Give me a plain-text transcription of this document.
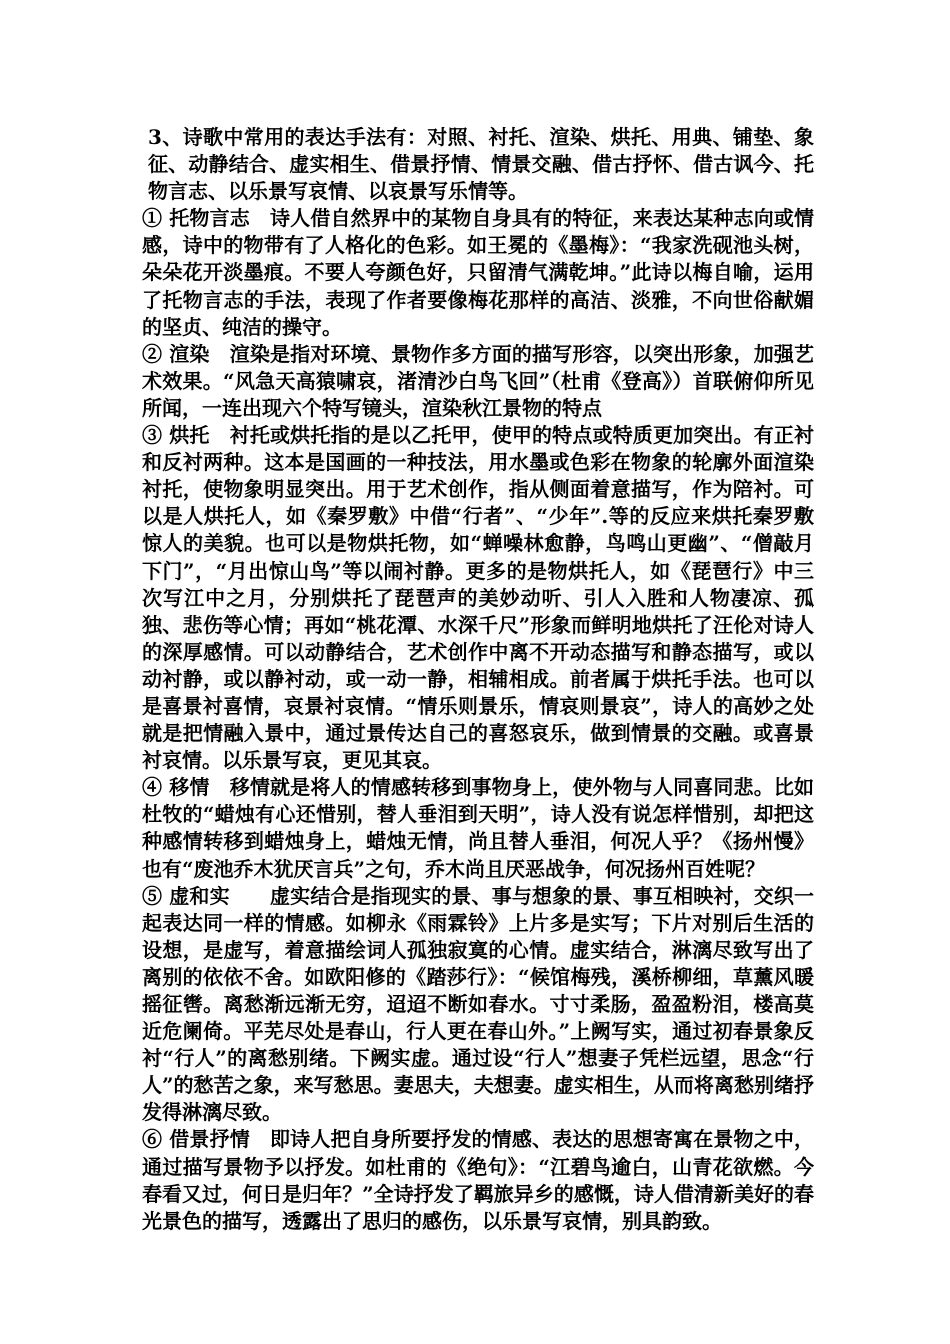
3、诗歌中常用的表达手法有：对照、衬托、渲染、烘托、用典、铺垫、象征、动静结合、虚实相生、借景抒情、情景交融、借古抒怀、借古讽今、托物言志、以乐景写哀情、以哀景写乐情等。

① 托物言志　诗人借自然界中的某物自身具有的特征，来表达某种志向或情感，诗中的物带有了人格化的色彩。如王冕的《墨梅》：“我家洗砚池头树，朵朵花开淡墨痕。不要人夸颜色好，只留清气满乾坤。”此诗以梅自喻，运用了托物言志的手法，表现了作者要像梅花那样的高洁、淡雅，不向世俗献媚的坚贞、纯洁的操守。

② 渲染　渲染是指对环境、景物作多方面的描写形容，以突出形象，加强艺术效果。“风急天高猿啸哀，渚清沙白鸟飞回”（杜甫《登高》）首联俯仰所见所闻，一连出现六个特写镜头，渲染秋江景物的特点

③ 烘托　衬托或烘托指的是以乙托甲，使甲的特点或特质更加突出。有正衬和反衬两种。这本是国画的一种技法，用水墨或色彩在物象的轮廓外面渲染衬托，使物象明显突出。用于艺术创作，指从侧面着意描写，作为陪衬。可以是人烘托人，如《秦罗敷》中借“行者”、“少年”.等的反应来烘托秦罗敷惊人的美貌。也可以是物烘托物，如“蝉噪林愈静，鸟鸣山更幽”、“僧敲月下门”，“月出惊山鸟”等以闹衬静。更多的是物烘托人，如《琵琶行》中三次写江中之月，分别烘托了琵琶声的美妙动听、引人入胜和人物凄凉、孤独、悲伤等心情；再如“桃花潭、水深千尺”形象而鲜明地烘托了汪伦对诗人的深厚感情。可以动静结合，艺术创作中离不开动态描写和静态描写，或以动衬静，或以静衬动，或一动一静，相辅相成。前者属于烘托手法。也可以是喜景衬喜情，哀景衬哀情。“情乐则景乐，情哀则景哀”，诗人的高妙之处就是把情融入景中，通过景传达自己的喜怒哀乐，做到情景的交融。或喜景衬哀情。以乐景写哀，更见其哀。

④ 移情　移情就是将人的情感转移到事物身上，使外物与人同喜同悲。比如杜牧的“蜡烛有心还惜别，替人垂泪到天明”，诗人没有说怎样惜别，却把这种感情转移到蜡烛身上，蜡烛无情，尚且替人垂泪，何况人乎？《扬州慢》也有“废池乔木犹厌言兵”之句，乔木尚且厌恶战争，何况扬州百姓呢？

⑤ 虚和实　　虚实结合是指现实的景、事与想象的景、事互相映衬，交织一起表达同一样的情感。如柳永《雨霖铃》上片多是实写；下片对别后生活的设想，是虚写，着意描绘词人孤独寂寞的心情。虚实结合，淋漓尽致写出了离别的依依不舍。如欧阳修的《踏莎行》：“候馆梅残，溪桥柳细，草薰风暖摇征辔。离愁渐远渐无穷，迢迢不断如春水。寸寸柔肠，盈盈粉泪，楼高莫近危阑倚。平芜尽处是春山，行人更在春山外。”上阙写实，通过初春景象反衬“行人”的离愁别绪。下阙实虚。通过设“行人”想妻子凭栏远望，思念“行人”的愁苦之象，来写愁思。妻思夫，夫想妻。虚实相生，从而将离愁别绪抒发得淋漓尽致。

⑥ 借景抒情　即诗人把自身所要抒发的情感、表达的思想寄寓在景物之中，通过描写景物予以抒发。如杜甫的《绝句》：“江碧鸟逾白，山青花欲燃。今春看又过，何日是归年？”全诗抒发了羁旅异乡的感慨，诗人借清新美好的春光景色的描写，透露出了思归的感伤，以乐景写哀情，别具韵致。
